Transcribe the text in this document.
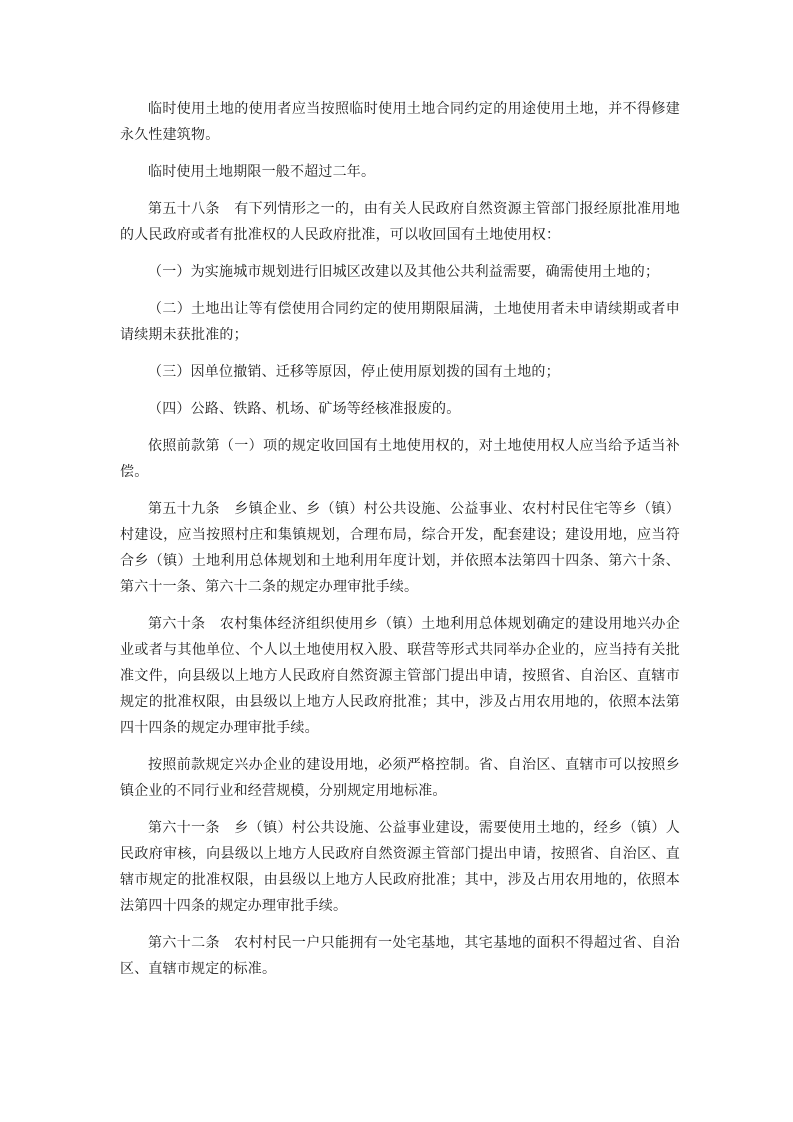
临时使用土地的使用者应当按照临时使用土地合同约定的用途使用土地，并不得修建永久性建筑物。

临时使用土地期限一般不超过二年。

第五十八条　有下列情形之一的，由有关人民政府自然资源主管部门报经原批准用地的人民政府或者有批准权的人民政府批准，可以收回国有土地使用权：

（一）为实施城市规划进行旧城区改建以及其他公共利益需要，确需使用土地的；

（二）土地出让等有偿使用合同约定的使用期限届满，土地使用者未申请续期或者申请续期未获批准的；

（三）因单位撤销、迁移等原因，停止使用原划拨的国有土地的；

（四）公路、铁路、机场、矿场等经核准报废的。

依照前款第（一）项的规定收回国有土地使用权的，对土地使用权人应当给予适当补偿。

第五十九条　乡镇企业、乡（镇）村公共设施、公益事业、农村村民住宅等乡（镇）村建设，应当按照村庄和集镇规划，合理布局，综合开发，配套建设；建设用地，应当符合乡（镇）土地利用总体规划和土地利用年度计划，并依照本法第四十四条、第六十条、第六十一条、第六十二条的规定办理审批手续。

第六十条　农村集体经济组织使用乡（镇）土地利用总体规划确定的建设用地兴办企业或者与其他单位、个人以土地使用权入股、联营等形式共同举办企业的，应当持有关批准文件，向县级以上地方人民政府自然资源主管部门提出申请，按照省、自治区、直辖市规定的批准权限，由县级以上地方人民政府批准；其中，涉及占用农用地的，依照本法第四十四条的规定办理审批手续。

按照前款规定兴办企业的建设用地，必须严格控制。省、自治区、直辖市可以按照乡镇企业的不同行业和经营规模，分别规定用地标准。

第六十一条　乡（镇）村公共设施、公益事业建设，需要使用土地的，经乡（镇）人民政府审核，向县级以上地方人民政府自然资源主管部门提出申请，按照省、自治区、直辖市规定的批准权限，由县级以上地方人民政府批准；其中，涉及占用农用地的，依照本法第四十四条的规定办理审批手续。

第六十二条　农村村民一户只能拥有一处宅基地，其宅基地的面积不得超过省、自治区、直辖市规定的标准。
